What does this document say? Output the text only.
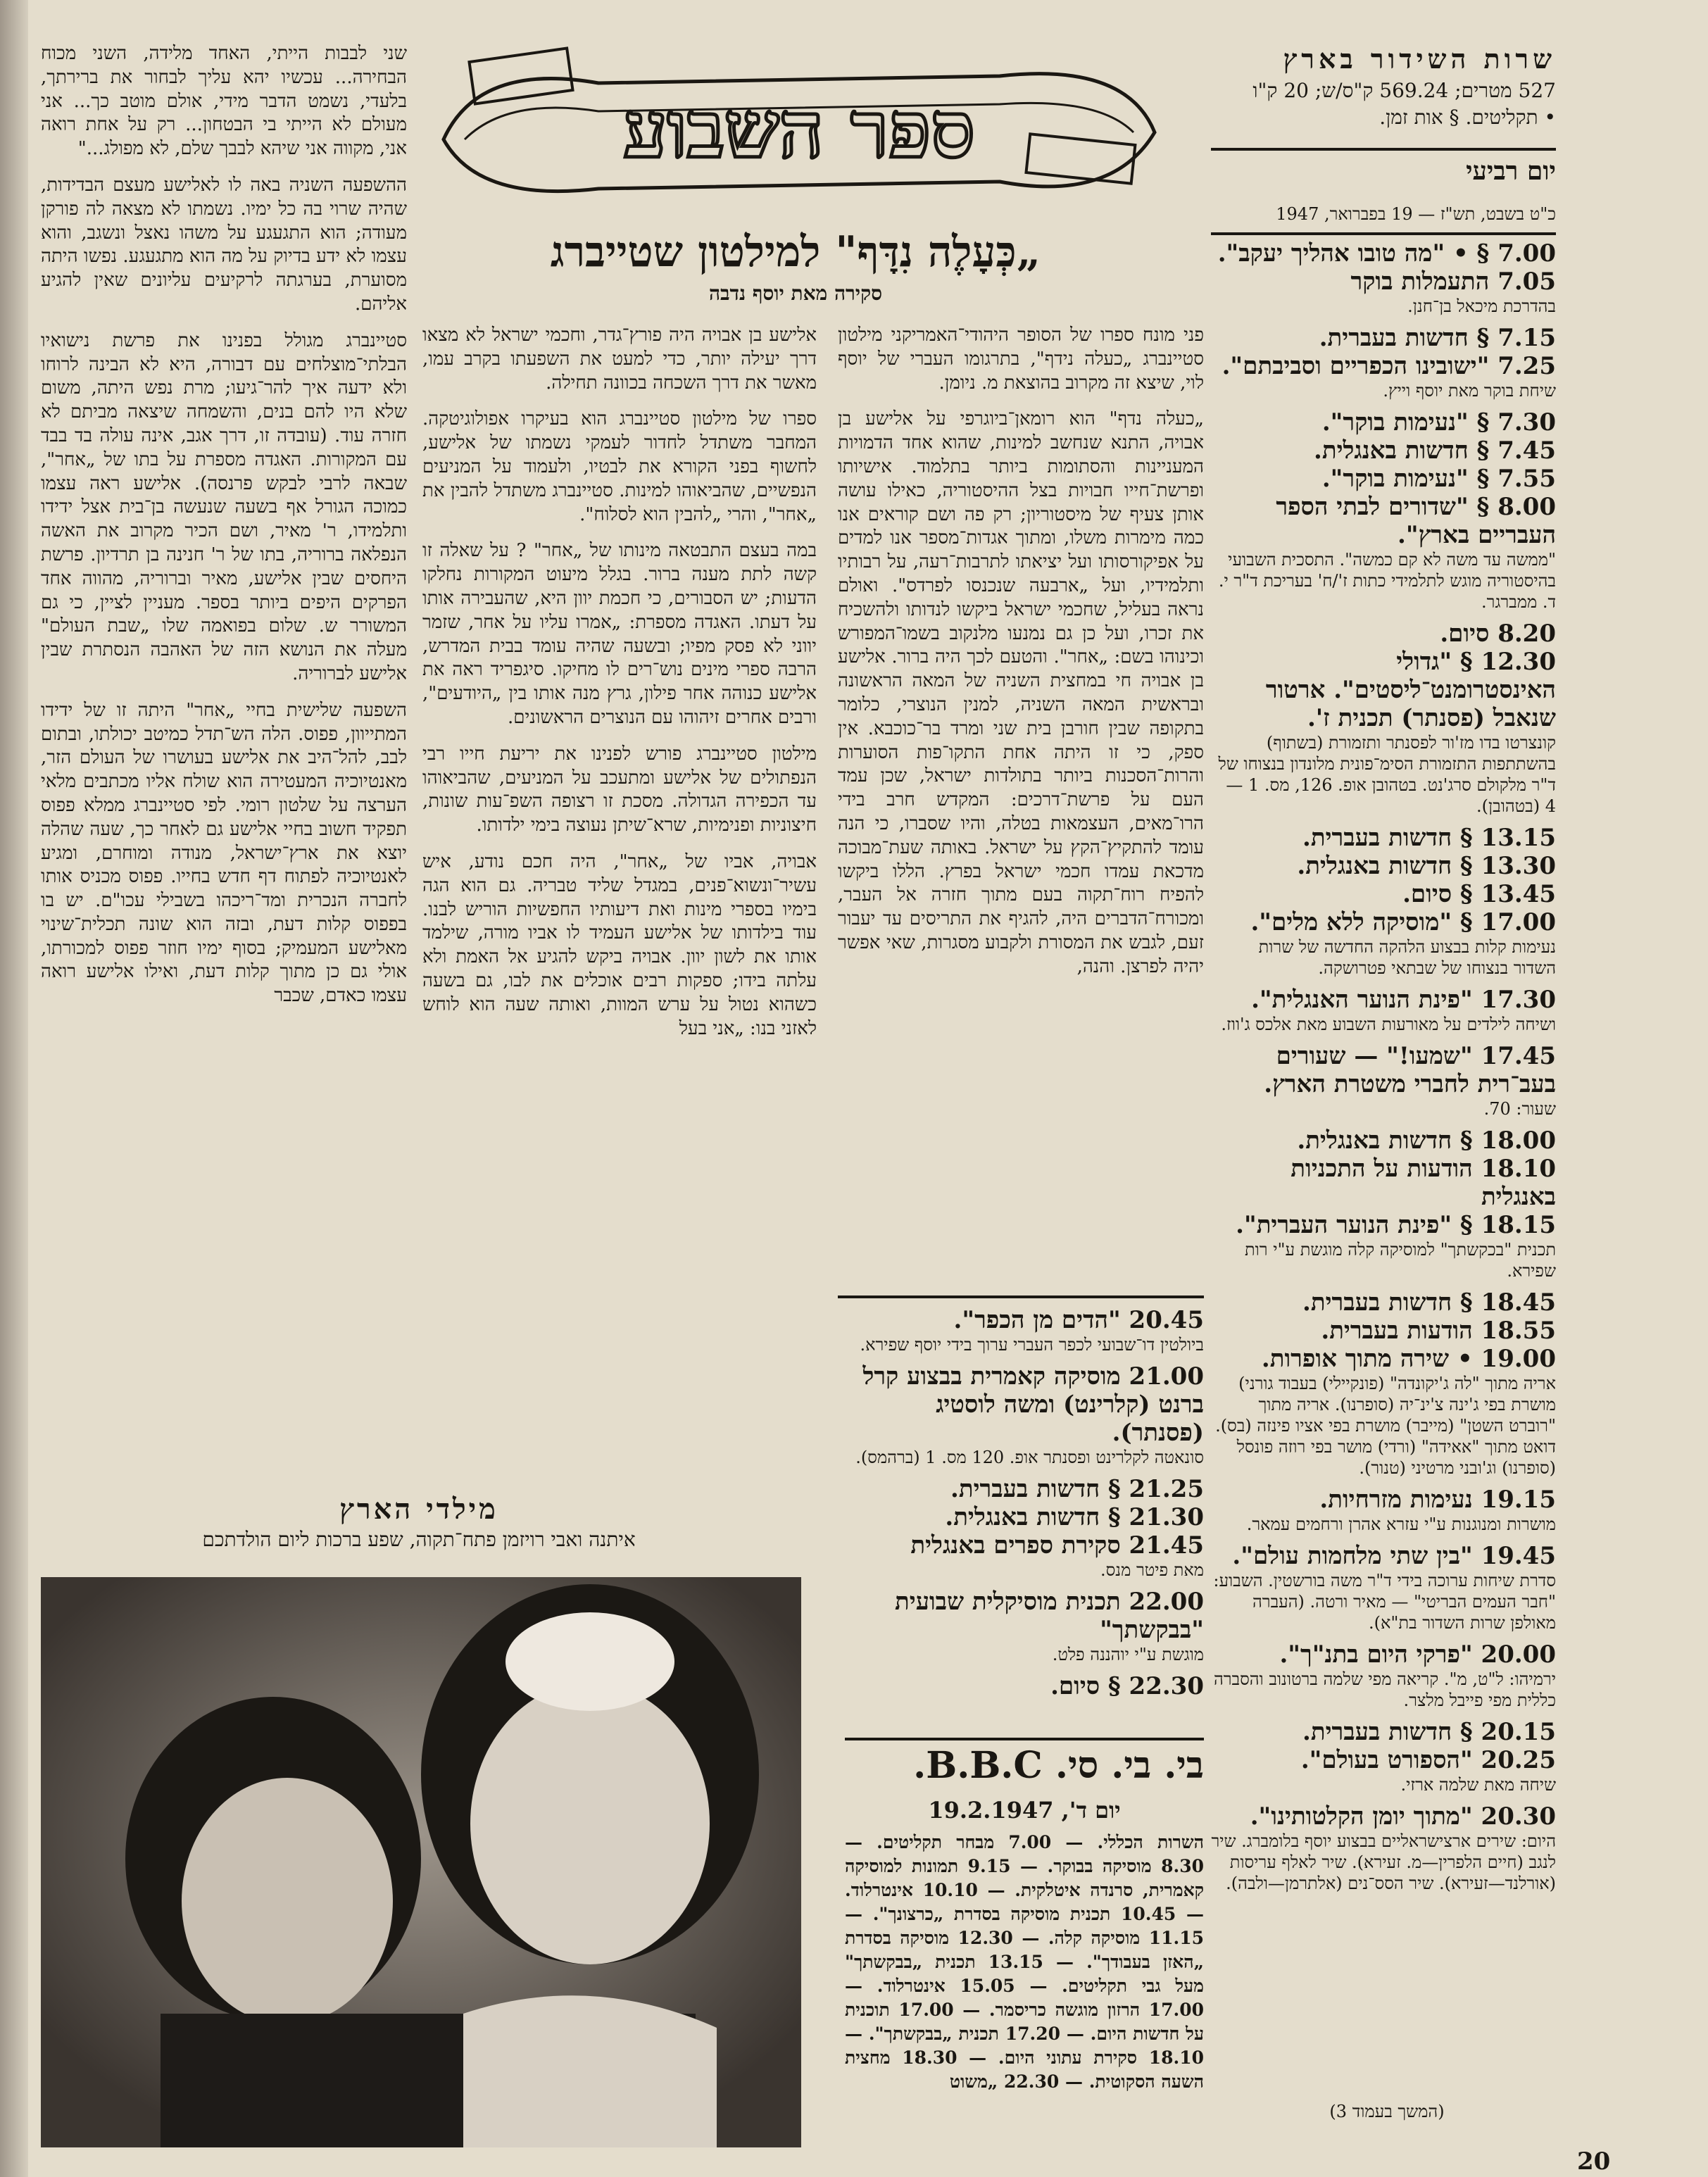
שרות השידור בארץ
527 מטרים; 569.24 ק"ס/ש; 20 ק"ו
• תקליטים. § אות זמן.
יום רביעי
כ"ט בשבט, תש"ז — 19 בפברואר, 1947
7.00 § • "מה טובו אהליך יעקב".
7.05 התעמלות בוקר
בהדרכת מיכאל בן־חנן.
7.15 § חדשות בעברית.
7.25 "ישובינו הכפריים וסביבתם".
שיחת בוקר מאת יוסף וייץ.
7.30 § "נעימות בוקר".
7.45 § חדשות באנגלית.
7.55 § "נעימות בוקר".
8.00 § "שדורים לבתי הספר העבריים בארץ".
"ממשה עד משה לא קם כמשה". התסכית השבועי בהיסטוריה מוגש לתלמידי כתות ז'/ח' בעריכת ד"ר י. ד. ממברגר.
8.20 סיום.
12.30 § "גדולי האינסטרומנט־ליסטים". ארטור שנאבל (פסנתר) תכנית ז'.
קונצרטו בדו מז'ור לפסנתר ותזמורת (בשתוף) בהשתתפות התזמורת הסימ־פונית מלונדון בנצוחו של ד"ר מלקולם סרג'נט. בטהובן אופ. 126, מס. 1 — 4 (בטהובן).
13.15 § חדשות בעברית.
13.30 § חדשות באנגלית.
13.45 § סיום.
17.00 § "מוסיקה ללא מלים".
נעימות קלות בבצוע הלהקה החדשה של שרות השדור בנצוחו של שבתאי פטרושקה.
17.30 "פינת הנוער האנגלית".
ושיחה לילדים על מאורעות השבוע מאת אלכס ג'ווז.
17.45 "שמעו!" — שעורים בעב־רית לחברי משטרת הארץ.
שעור: 70.
18.00 § חדשות באנגלית.
18.10 הודעות על התכניות באנגלית
18.15 § "פינת הנוער העברית".
תכנית "בכקשתך" למוסיקה קלה מוגשת ע"י רות שפירא.
18.45 § חדשות בעברית.
18.55 הודעות בעברית.
19.00 • שירה מתוך אופרות.
אריה מתוך "לה ג'יקונדה" (פונקיילי) בעבוד גורני) מושרת בפי ג'ינה צ'ינ־יה (סופרנו). אריה מתוך "רוברט השטן" (מייבר) מושרת בפי אציו פינזה (בס). דואט מתוך "אאידה" (ורדי) מושר בפי רוזה פונסל (סופרנו) וג'ובני מרטיני (טנור).
19.15 נעימות מזרחיות.
מושרות ומנוגנות ע"י עזרא אהרן ורחמים עמאר.
19.45 "בין שתי מלחמות עולם".
סדרת שיחות ערוכה בידי ד"ר משה בורשטין. השבוע: "חבר העמים הבריטי" — מאיר ורטה. (העברה מאולפן שרות השדור בת"א).
20.00 "פרקי היום בתנ"ך".
ירמיהו: ל"ט, מ". קריאה מפי שלמה ברטונוב והסברה כללית מפי פייבל מלצר.
20.15 § חדשות בעברית.
20.25 "הספורט בעולם".
שיחה מאת שלמה ארזי.
20.30 "מתוך יומן הקלטותינו".
היום: שירים ארצישראליים בבצוע יוסף בלומברג. שיר לנגב (חיים הלפרין—מ. זעירא). שיר לאלף עריסות (אורלנד—זעירא). שיר הסס־נים (אלתרמן—ולבה).
(המשך בעמוד 3)
ספר השבוע
„כְּעָלֶה נִדָּף" למילטון שטייברג
סקירה מאת יוסף נדבה

פני מונח ספרו של הסופר היהודי־האמריקני מילטון סטיינברג „כעלה נידף", בתרגומו העברי של יוסף לוי, שיצא זה מקרוב בהוצאת מ. ניומן.

„כעלה נדף" הוא רומאן־ביוגרפי על אלישע בן אבויה, התנא שנחשב למינות, שהוא אחד הדמויות המעניינות והסתומות ביותר בתלמוד. אישיותו ופרשת־חייו חבויות בצל ההיסטוריה, כאילו עושה אותן צעיף של מיסטוריון; רק פה ושם קוראים אנו כמה מימרות משלו, ומתוך אגדות־מספר אנו למדים על אפיקורסותו ועל יציאתו לתרבות־רעה, על רבותיו ותלמידיו, ועל „ארבעה שנכנסו לפרדס". ואולם נראה בעליל, שחכמי ישראל ביקשו לנדותו ולהשכיח את זכרו, ועל כן גם נמנעו מלנקוב בשמו־המפורש וכינוהו בשם: „אחר". והטעם לכך היה ברור. אלישע בן אבויה חי במחצית השניה של המאה הראשונה ובראשית המאה השניה, למנין הנוצרי, כלומר בתקופה שבין חורבן בית שני ומרד בר־כוכבא. אין ספק, כי זו היתה אחת התקו־פות הסוערות והרות־הסכנות ביותר בתולדות ישראל, שכן עמד העם על פרשת־דרכים: המקדש חרב בידי הרו־מאים, העצמאות בטלה, והיו שסברו, כי הנה עומד להתקיץ־הקץ על ישראל. באותה שעת־מבוכה מדכאת עמדו חכמי ישראל בפרץ. הללו ביקשו להפיח רוח־תקוה בעם מתוך חזרה אל העבר, ומכורח־הדברים היה, להגיף את התריסים עד יעבור זעם, לגבש את המסורת ולקבוע מסגרות, שאי אפשר יהיה לפרצן. והנה,

אלישע בן אבויה היה פורץ־גדר, וחכמי ישראל לא מצאו דרך יעילה יותר, כדי למעט את השפעתו בקרב עמו, מאשר את דרך השכחה בכוונה תחילה.

ספרו של מילטון סטיינברג הוא בעיקרו אפולוגיטקה. המחבר משתדל לחדור לעמקי נשמתו של אלישע, לחשוף בפני הקורא את לבטיו, ולעמוד על המניעים הנפשיים, שהביאוהו למינות. סטיינברג משתדל להבין את „אחר", והרי „להבין הוא לסלוח".

במה בעצם התבטאה מינותו של „אחר" ? על שאלה זו קשה לתת מענה ברור. בגלל מיעוט המקורות נחלקו הדעות; יש הסבורים, כי חכמת יוון היא, שהעבירה אותו על דעתו. האגדה מספרת: „אמרו עליו על אחר, שזמר יווני לא פסק מפיו; ובשעה שהיה עומד בבית המדרש, הרבה ספרי מינים נוש־רים לו מחיקו. סיגפריד ראה את אלישע כנוהה אחר פילון, גרץ מנה אותו בין „היודעים", ורבים אחרים זיהוהו עם הנוצרים הראשונים.

מילטון סטיינברג פורש לפנינו את יריעת חייו רבי הנפתולים של אלישע ומתעכב על המניעים, שהביאוהו עד הכפירה הגדולה. מסכת זו רצופה השפ־עות שונות, חיצוניות ופנימיות, שרא־שיתן נעוצה בימי ילדותו.

אבויה, אביו של „אחר", היה חכם נודע, איש עשיר־ונשוא־פנים, במגדל שליד טבריה. גם הוא הגה בימיו בספרי מינות ואת דיעותיו החפשיות הוריש לבנו. עוד בילדותו של אלישע העמיד לו אביו מורה, שילמד אותו את לשון יוון. אבויה ביקש להגיע אל האמת ולא עלתה בידו; ספקות רבים אוכלים את לבו, גם בשעה כשהוא נטול על ערש המוות, ואותה שעה הוא לוחש לאזני בנו: „אני בעל

שני לבבות הייתי, האחד מלידה, השני מכוח הבחירה... עכשיו יהא עליך לבחור את ברירתך, בלעדי, נשמט הדבר מידי, אולם מוטב כך... אני מעולם לא הייתי בי הבטחון... רק על אחת רואה אני, מקווה אני שיהא לבבך שלם, לא מפולג..."

ההשפעה השניה באה לו לאלישע מעצם הבדידות, שהיה שרוי בה כל ימיו. נשמתו לא מצאה לה פורקן מעודה; הוא התגעגע על משהו נאצל ונשגב, והוא עצמו לא ידע בדיוק על מה הוא מתגעגע. נפשו היתה מסוערת, בערגתה לרקיעים עליונים שאין להגיע אליהם.

סטיינברג מגולל בפנינו את פרשת נישואיו הבלתי־מוצלחים עם דבורה, היא לא הבינה לרוחו ולא ידעה איך להר־גיעו; מרת נפש היתה, משום שלא היו להם בנים, והשמחה שיצאה מביתם לא חזרה עוד. (עובדה זו, דרך אגב, אינה עולה בד בבד עם המקורות. האגדה מספרת על בתו של „אחר", שבאה לרבי לבקש פרנסה). אלישע ראה עצמו כמוכה הגורל אף בשעה שנעשה בן־בית אצל ידידו ותלמידו, ר' מאיר, ושם הכיר מקרוב את האשה הנפלאה ברוריה, בתו של ר' חנינה בן תרדיון. פרשת היחסים שבין אלישע, מאיר וברוריה, מהווה אחד הפרקים היפים ביותר בספר. מעניין לציין, כי גם המשורר ש. שלום בפואמה שלו „שבת העולם" מעלה את הנושא הזה של האהבה הנסתרת שבין אלישע לברוריה.

השפעה שלישית בחיי „אחר" היתה זו של ידידו המתייוון, פפוס. הלה הש־תדל כמיטב יכולתו, ובתום לבב, להל־היב את אלישע בעושרו של העולם הזר, מאנטיוכיה המעטירה הוא שולח אליו מכתבים מלאי הערצה על שלטון רומי. לפי סטיינברג ממלא פפוס תפקיד חשוב בחיי אלישע גם לאחר כך, שעה שהלה יוצא את ארץ־ישראל, מנודה ומוחרם, ומגיע לאנטיוכיה לפתוח דף חדש בחייו. פפוס מכניס אותו לחברה הנכרית ומד־ריכהו בשבילי עכו"ם. יש בו בפפוס קלות דעת, ובזה הוא שונה תכלית־שינוי מאלישע המעמיק; בסוף ימיו חוזר פפוס למכורתו, אולי גם כן מתוך קלות דעת, ואילו אלישע רואה עצמו כאדם, שכבר

20.45 "הדים מן הכפר".
ביולטין דו־שבועי לכפר העברי ערוך בידי יוסף שפירא.
21.00 מוסיקה קאמרית בבצוע קרל ברנט (קלרינט) ומשה לוסטיג (פסנתר).
סונאטה לקלרינט ופסנתר אופ. 120 מס. 1 (ברהמס).
21.25 § חדשות בעברית.
21.30 § חדשות באנגלית.
21.45 סקירת ספרים באנגלית
מאת פיטר מנס.
22.00 תכנית מוסיקלית שבועית "בבקשתך"
מוגשת ע"י יוהננה פלט.
22.30 § סיום.
בי. בי. סי. B.B.C.
יום ד', 19.2.1947
השרות הכללי. — 7.00 מבחר תקליטים. — 8.30 מוסיקה בבוקר. — 9.15 תמונות למוסיקה קאמרית, סרנדה איטלקית. — 10.10 אינטרלוד. — 10.45 תכנית מוסיקה בסדרת „כרצונך". — 11.15 מוסיקה קלה. — 12.30 מוסיקה בסדרת „האזן בעבודך". — 13.15 תכנית „בבקשתך" מעל גבי תקליטים. — 15.05 אינטרלוד. — 17.00 הרזון מוגשה כריסמר. — 17.00 תוכנית על חדשות היום. — 17.20 תכנית „בבקשתך". — 18.10 סקירת עתוני היום. — 18.30 מחצית השעה הסקוטית. — 22.30 „משוט
מילדי הארץ
איתנה ואבי רויזמן פתח־תקוה, שפע ברכות ליום הולדתכם
20
